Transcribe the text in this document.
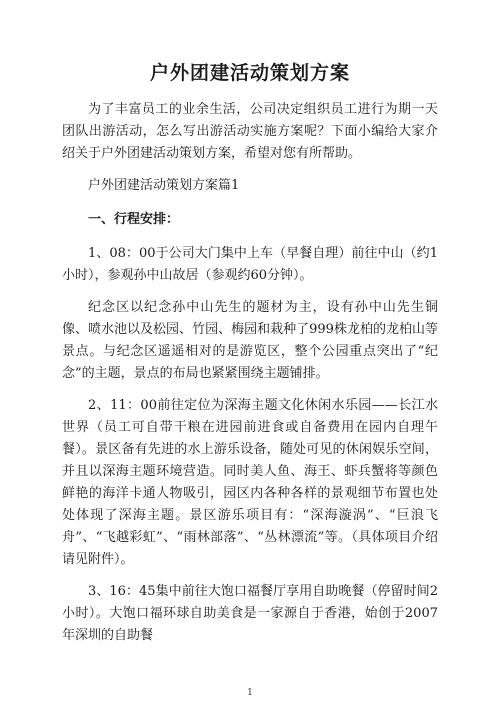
户外团建活动策划方案

为了丰富员工的业余生活，公司决定组织员工进行为期一天团队出游活动，怎么写出游活动实施方案呢？下面小编给大家介绍关于户外团建活动策划方案，希望对您有所帮助。

户外团建活动策划方案篇1

一、行程安排：

1、08：00于公司大门集中上车（早餐自理）前往中山（约1小时），参观孙中山故居（参观约60分钟）。

纪念区以纪念孙中山先生的题材为主，设有孙中山先生铜像、喷水池以及松园、竹园、梅园和栽种了999株龙柏的龙柏山等景点。与纪念区遥遥相对的是游览区，整个公园重点突出了“纪念”的主题，景点的布局也紧紧围绕主题铺排。

2、11：00前往定位为深海主题文化休闲水乐园——长江水世界（员工可自带干粮在进园前进食或自备费用在园内自理午餐）。景区备有先进的水上游乐设备，随处可见的休闲娱乐空间，并且以深海主题环境营造。同时美人鱼、海王、虾兵蟹将等颜色鲜艳的海洋卡通人物吸引，园区内各种各样的景观细节布置也处处体现了深海主题。景区游乐项目有：“深海漩涡”、“巨浪飞舟”、“飞越彩虹”、“雨林部落”、“丛林漂流”等。（具体项目介绍请见附件）。

3、16：45集中前往大饱口福餐厅享用自助晚餐（停留时间2小时）。大饱口福环球自助美食是一家源自于香港，始创于2007年深圳的自助餐

1
